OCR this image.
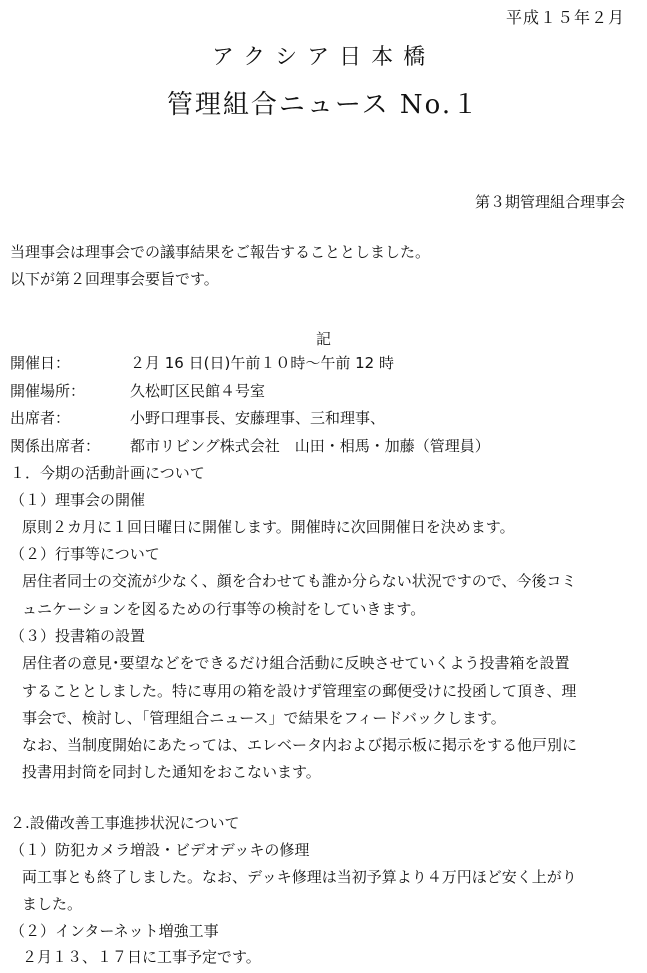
平成１５年２月
アクシア日本橋
管理組合ニュース No.１
第３期管理組合理事会
当理事会は理事会での議事結果をご報告することとしました。
以下が第２回理事会要旨です。
記
開催日：	２月 16 日(日)午前１０時～午前 12 時
開催場所：	久松町区民館４号室
出席者：	小野口理事長、安藤理事、三和理事、
関係出席者： 都市リビング株式会社　山田・相馬・加藤（管理員）
１．今期の活動計画について
（１）理事会の開催
原則２カ月に１回日曜日に開催します。開催時に次回開催日を決めます。
（２）行事等について
居住者同士の交流が少なく、顔を合わせても誰か分らない状況ですので、今後コミ
ュニケーションを図るための行事等の検討をしていきます。
（３）投書箱の設置
居住者の意見･要望などをできるだけ組合活動に反映させていくよう投書箱を設置
することとしました。特に専用の箱を設けず管理室の郵便受けに投函して頂き、理
事会で、検討し、「管理組合ニュース」で結果をフィードバックします。
なお、当制度開始にあたっては、エレベータ内および掲示板に掲示をする他戸別に
投書用封筒を同封した通知をおこないます。
２.設備改善工事進捗状況について
（１）防犯カメラ増設・ビデオデッキの修理
両工事とも終了しました。なお、デッキ修理は当初予算より４万円ほど安く上がり
ました。
（２）インターネット増強工事
２月１３、１７日に工事予定です。
